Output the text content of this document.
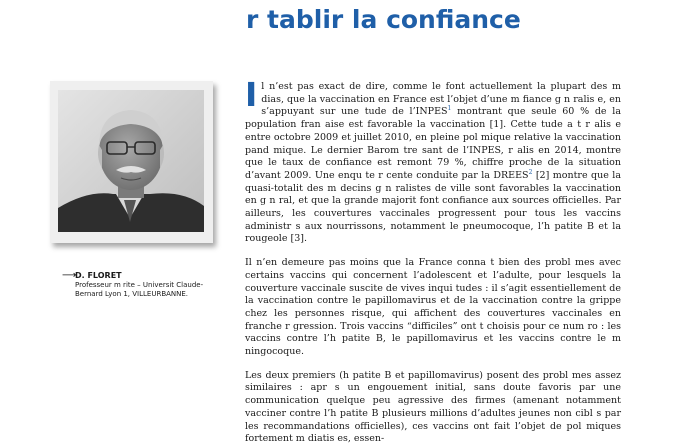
r tablir la confiance
⟶
D. FLORET
Professeur m rite – Universit Claude-Bernard Lyon 1, VILLEURBANNE.

Il n’est pas exact de dire, comme le font actuellement la plupart des m dias, que la vaccination en France est l’objet d’une m fiance g n ralis e, en s’appuyant sur une tude de l’INPES$^1$ montrant que seule 60 % de la population fran aise est favorable la vaccination [1]. Cette tude a t r alis e entre octobre 2009 et juillet 2010, en pleine pol mique relative la vaccination pand mique. Le dernier Barom tre sant de l’INPES, r alis en 2014, montre que le taux de confiance est remont 79 %, chiffre proche de la situation d’avant 2009. Une enqu te r cente conduite par la DREES$^2$ [2] montre que la quasi-totalit des m decins g n ralistes de ville sont favorables la vaccination en g n ral, et que la grande majorit font confiance aux sources officielles. Par ailleurs, les couvertures vaccinales progressent pour tous les vaccins administr s aux nourrissons, notamment le pneumocoque, l’h patite B et la rougeole [3].

Il n’en demeure pas moins que la France conna t bien des probl mes avec certains vaccins qui concernent l’adolescent et l’adulte, pour lesquels la couverture vaccinale suscite de vives inqui tudes : il s’agit essentiellement de la vaccination contre le papillomavirus et de la vaccination contre la grippe chez les personnes risque, qui affichent des couvertures vaccinales en franche r gression. Trois vaccins “difficiles” ont t choisis pour ce num ro : les vaccins contre l’h patite B, le papillomavirus et les vaccins contre le m ningocoque.

Les deux premiers (h patite B et papillomavirus) posent des probl mes assez similaires : apr s un engouement initial, sans doute favoris par une communication quelque peu agressive des firmes (amenant notamment vacciner contre l’h patite B plusieurs millions d’adultes jeunes non cibl s par les recommandations officielles), ces vaccins ont fait l’objet de pol miques fortement m diatis es, essen-
